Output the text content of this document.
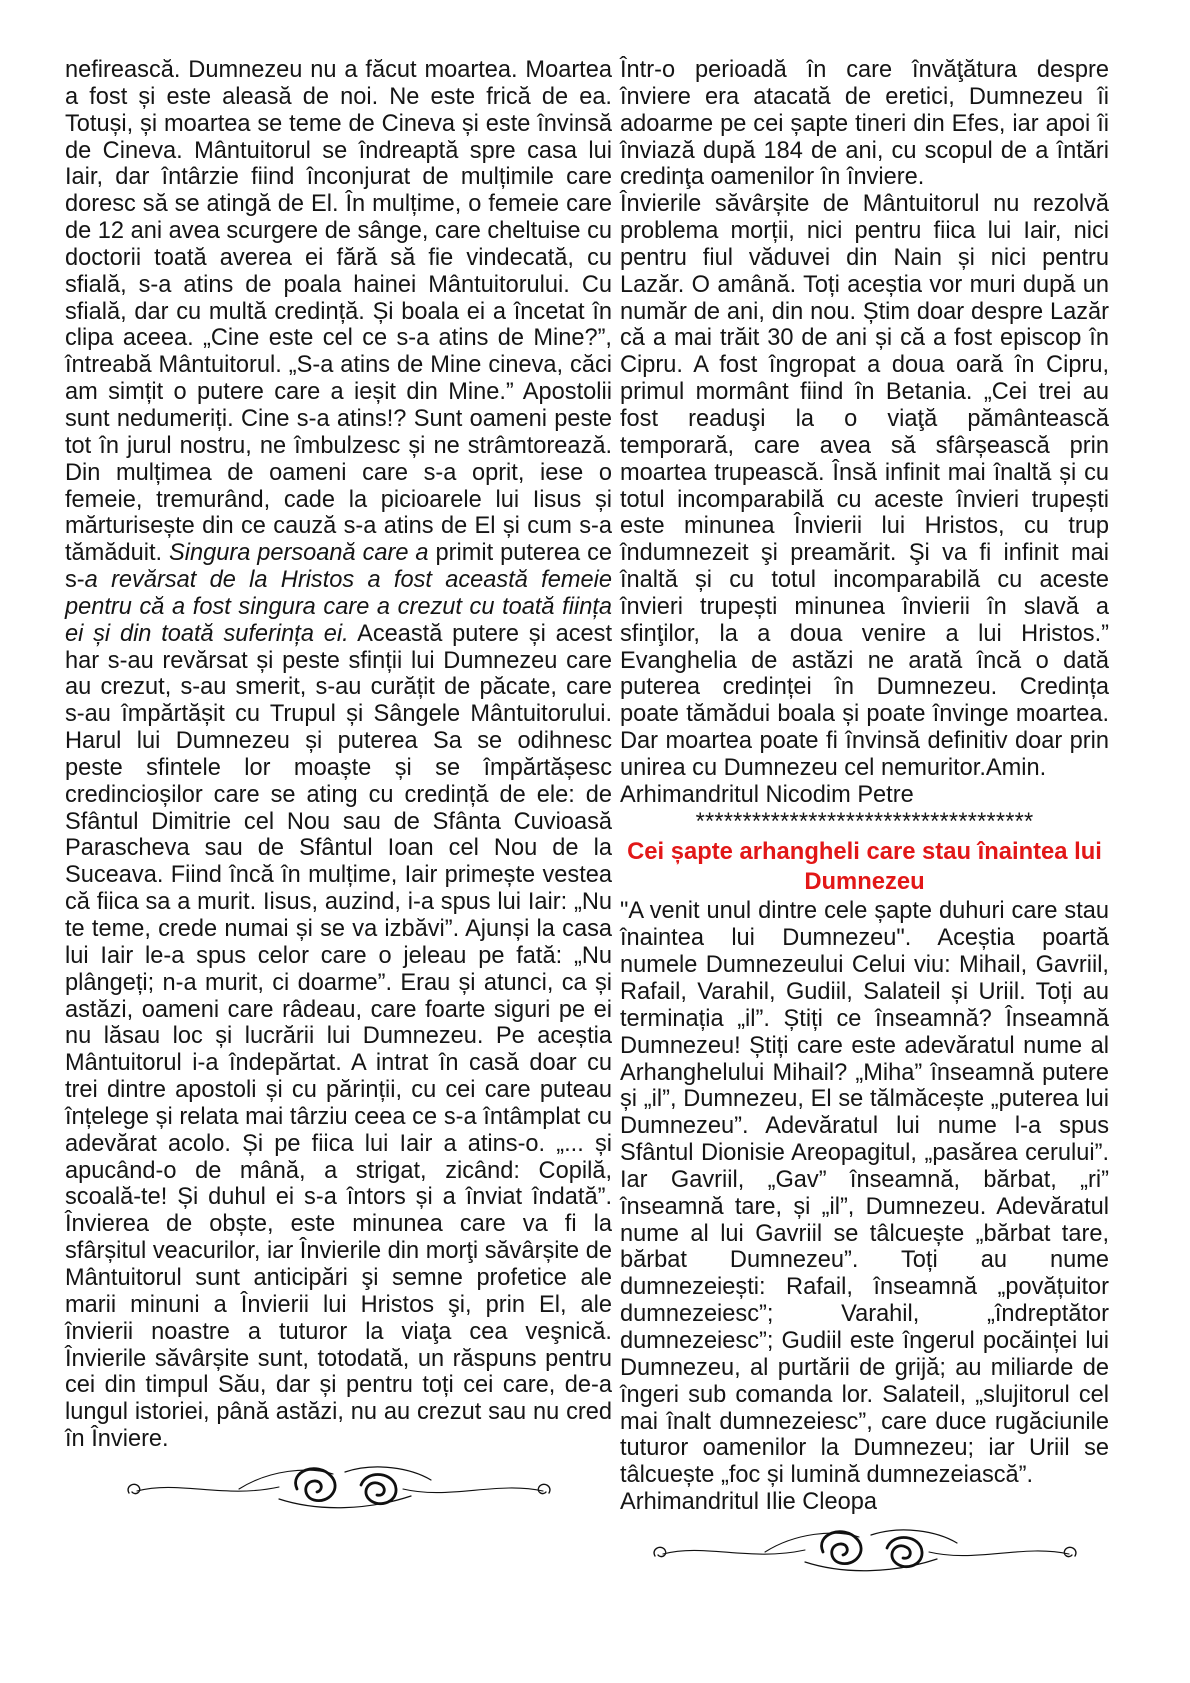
nefirească. Dumnezeu nu a făcut moartea. Moartea a fost și este aleasă de noi. Ne este frică de ea. Totuși, și moartea se teme de Cineva și este învinsă de Cineva. Mântuitorul se îndreaptă spre casa lui Iair, dar întârzie fiind înconjurat de mulțimile care doresc să se atingă de El. În mulțime, o femeie care de 12 ani avea scurgere de sânge, care cheltuise cu doctorii toată averea ei fără să fie vindecată, cu sfială, s-a atins de poala hainei Mântuitorului. Cu sfială, dar cu multă credință. Și boala ei a încetat în clipa aceea. „Cine este cel ce s-a atins de Mine?”, întreabă Mântuitorul. „S-a atins de Mine cineva, căci am simțit o putere care a ieșit din Mine.” Apostolii sunt nedumeriți. Cine s-a atins!? Sunt oameni peste tot în jurul nostru, ne îmbulzesc și ne strâmtorează. Din mulțimea de oameni care s-a oprit, iese o femeie, tremurând, cade la picioarele lui Iisus și mărturisește din ce cauză s-a atins de El și cum s-a tămăduit. Singura persoană care a primit puterea ce s-a revărsat de la Hristos a fost această femeie pentru că a fost singura care a crezut cu toată ființa ei și din toată suferința ei. Această putere și acest har s-au revărsat și peste sfinții lui Dumnezeu care au crezut, s-au smerit, s-au curățit de păcate, care s-au împărtășit cu Trupul și Sângele Mântuitorului. Harul lui Dumnezeu și puterea Sa se odihnesc peste sfintele lor moaște și se împărtășesc credincioșilor care se ating cu credință de ele: de Sfântul Dimitrie cel Nou sau de Sfânta Cuvioasă Parascheva sau de Sfântul Ioan cel Nou de la Suceava. Fiind încă în mulțime, Iair primește vestea că fiica sa a murit. Iisus, auzind, i-a spus lui Iair: „Nu te teme, crede numai și se va izbăvi”. Ajunși la casa lui Iair le-a spus celor care o jeleau pe fată: „Nu plângeți; n-a murit, ci doarme”. Erau și atunci, ca și astăzi, oameni care râdeau, care foarte siguri pe ei nu lăsau loc și lucrării lui Dumnezeu. Pe aceștia Mântuitorul i-a îndepărtat. A intrat în casă doar cu trei dintre apostoli și cu părinții, cu cei care puteau înțelege și relata mai târziu ceea ce s-a întâmplat cu adevărat acolo. Și pe fiica lui Iair a atins-o. „... și apucând-o de mână, a strigat, zicând: Copilă, scoală-te! Și duhul ei s-a întors și a înviat îndată”. Învierea de obște, este minunea care va fi la sfârșitul veacurilor, iar Învierile din morţi săvârșite de Mântuitorul sunt anticipări şi semne profetice ale marii minuni a Învierii lui Hristos şi, prin El, ale învierii noastre a tuturor la viaţa cea veşnică. Învierile săvârșite sunt, totodată, un răspuns pentru cei din timpul Său, dar și pentru toți cei care, de-a lungul istoriei, până astăzi, nu au crezut sau nu cred în Înviere.

Într-o perioadă în care învăţătura despre înviere era atacată de eretici, Dumnezeu îi adoarme pe cei șapte tineri din Efes, iar apoi îi înviază după 184 de ani, cu scopul de a întări credinţa oamenilor în înviere.

Învierile săvârșite de Mântuitorul nu rezolvă problema morții, nici pentru fiica lui Iair, nici pentru fiul văduvei din Nain și nici pentru Lazăr. O amână. Toți aceștia vor muri după un număr de ani, din nou. Știm doar despre Lazăr că a mai trăit 30 de ani și că a fost episcop în Cipru. A fost îngropat a doua oară în Cipru, primul mormânt fiind în Betania. „Cei trei au fost readuşi la o viaţă pământească temporară, care avea să sfârșească prin moartea trupească. Însă infinit mai înaltă și cu totul incomparabilă cu aceste învieri trupești este minunea Învierii lui Hristos, cu trup îndumnezeit şi preamărit. Şi va fi infinit mai înaltă și cu totul incomparabilă cu aceste învieri trupești minunea învierii în slavă a sfinţilor, la a doua venire a lui Hristos.” Evanghelia de astăzi ne arată încă o dată puterea credinței în Dumnezeu. Credința poate tămădui boala și poate învinge moartea. Dar moartea poate fi învinsă definitiv doar prin unirea cu Dumnezeu cel nemuritor.Amin.

Arhimandritul Nicodim Petre
************************************
Cei șapte arhangheli care stau înaintea lui Dumnezeu

"A venit unul dintre cele șapte duhuri care stau înaintea lui Dumnezeu". Aceștia poartă numele Dumnezeului Celui viu: Mihail, Gavriil, Rafail, Varahil, Gudiil, Salateil și Uriil. Toți au terminația „il”. Știți ce înseamnă? Înseamnă Dumnezeu! Știți care este adevăratul nume al Arhanghelului Mihail? „Miha” înseamnă putere și „il”, Dumnezeu, El se tălmăcește „puterea lui Dumnezeu”. Adevăratul lui nume l-a spus Sfântul Dionisie Areopagitul, „pasărea cerului”. Iar Gavriil, „Gav” înseamnă, bărbat, „ri” înseamnă tare, și „il”, Dumnezeu. Adevăratul nume al lui Gavriil se tâlcuește „bărbat tare, bărbat Dumnezeu”. Toți au nume dumnezeiești: Rafail, înseamnă „povățuitor dumnezeiesc”; Varahil, „îndreptător dumnezeiesc”; Gudiil este îngerul pocăinței lui Dumnezeu, al purtării de grijă; au miliarde de îngeri sub comanda lor. Salateil, „slujitorul cel mai înalt dumnezeiesc”, care duce rugăciunile tuturor oamenilor la Dumnezeu; iar Uriil se tâlcuește „foc și lumină dumnezeiască”.

Arhimandritul Ilie Cleopa
